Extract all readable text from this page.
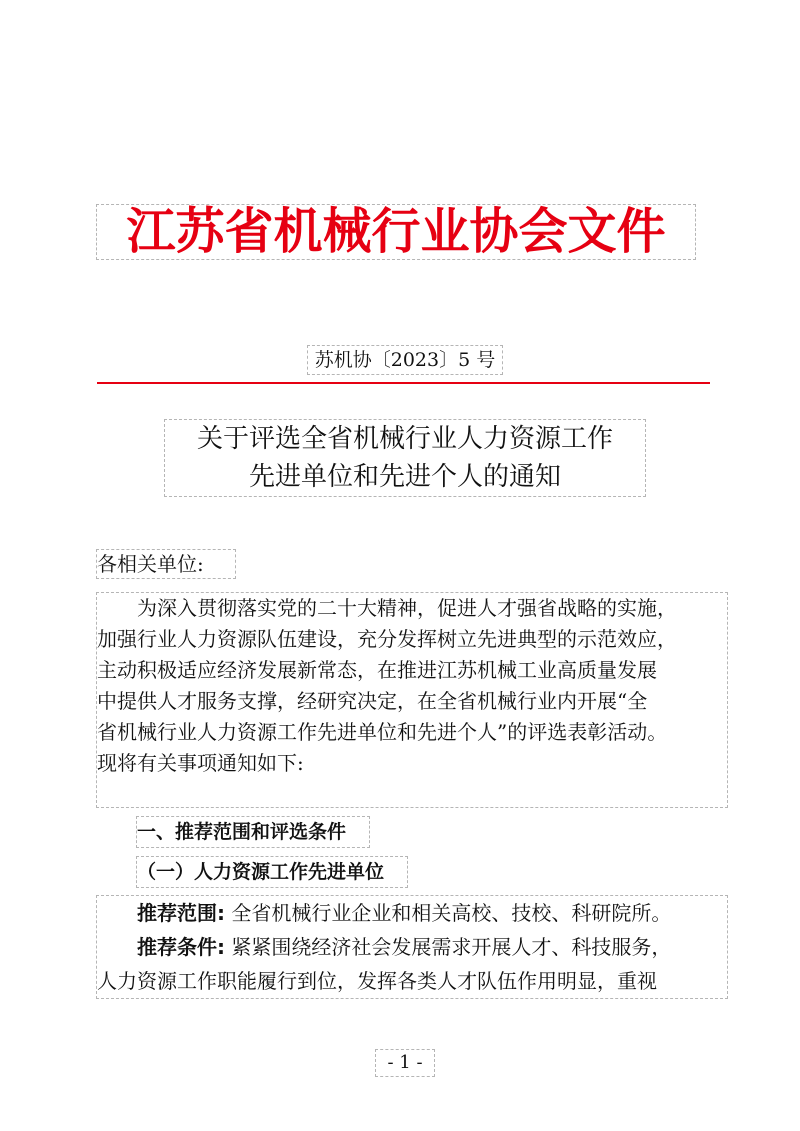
江苏省机械行业协会文件
苏机协〔2023〕5 号
关于评选全省机械行业人力资源工作
先进单位和先进个人的通知
各相关单位:

　　为深入贯彻落实党的二十大精神，促进人才强省战略的实施，

加强行业人力资源队伍建设，充分发挥树立先进典型的示范效应，

主动积极适应经济发展新常态，在推进江苏机械工业高质量发展

中提供人才服务支撑，经研究决定，在全省机械行业内开展“全

省机械行业人力资源工作先进单位和先进个人”的评选表彰活动。

现将有关事项通知如下:

一、推荐范围和评选条件
（一）人力资源工作先进单位

　　推荐范围: 全省机械行业企业和相关高校、技校、科研院所。

　　推荐条件: 紧紧围绕经济社会发展需求开展人才、科技服务，

人力资源工作职能履行到位，发挥各类人才队伍作用明显，重视

- 1 -
